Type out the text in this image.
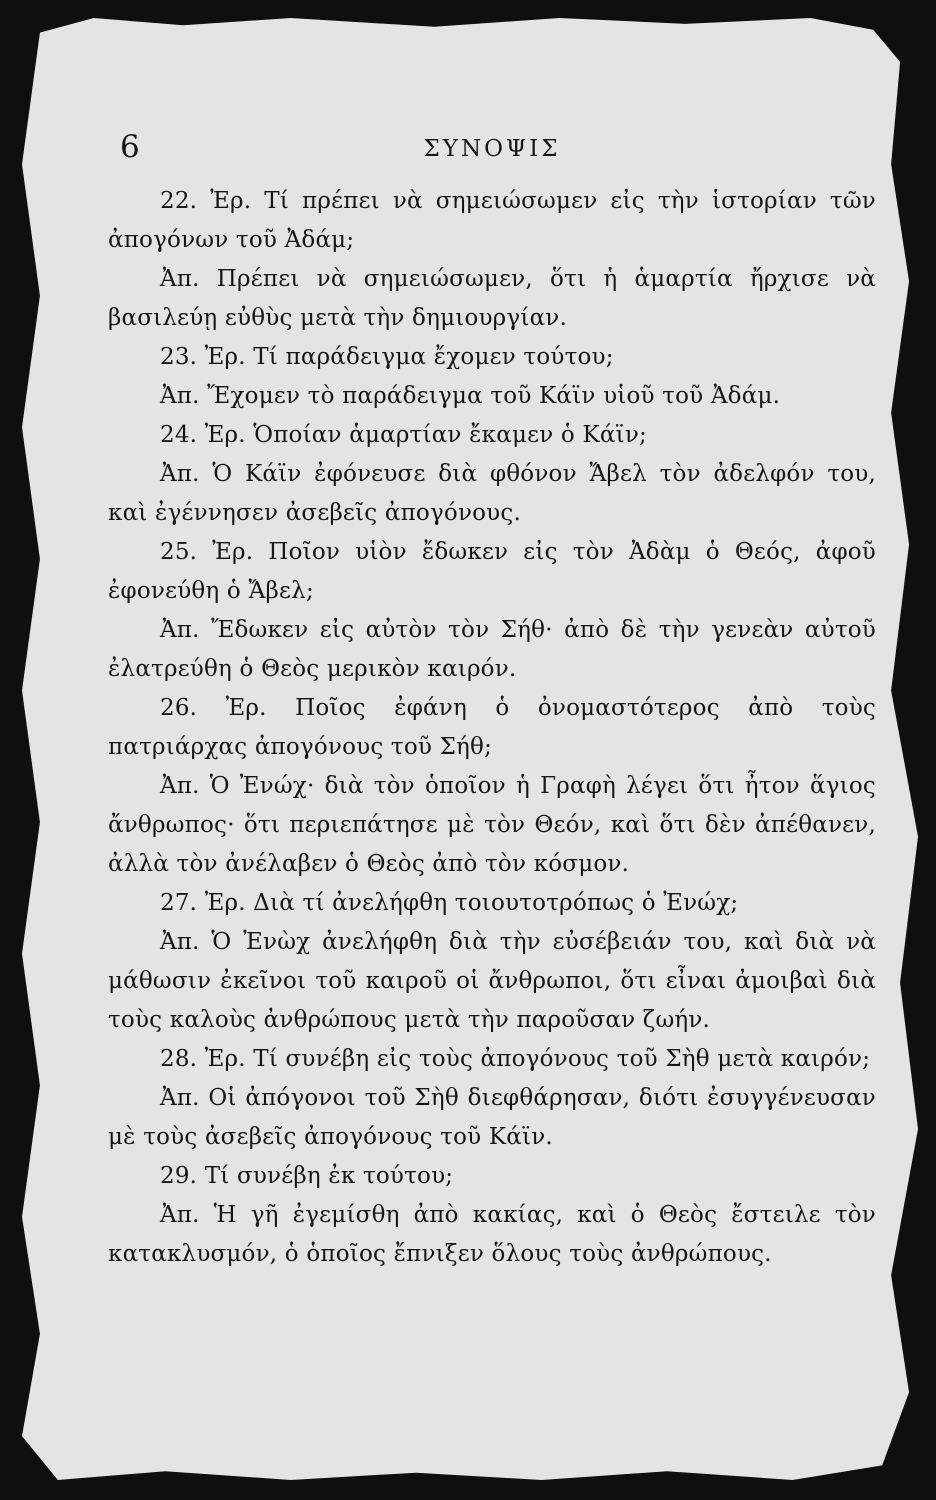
6	ΣΥΝΟΨΙΣ

22. Ἐρ. Τί πρέπει νὰ σημειώσωμεν εἰς τὴν ἱστορίαν τῶν ἀπογόνων τοῦ Ἀδάμ;

Ἀπ. Πρέπει νὰ σημειώσωμεν, ὅτι ἡ ἁμαρτία ἤρχισε νὰ βασιλεύῃ εὐθὺς μετὰ τὴν δημιουργίαν.

23. Ἐρ. Τί παράδειγμα ἔχομεν τούτου;

Ἀπ. Ἔχομεν τὸ παράδειγμα τοῦ Κάϊν υἱοῦ τοῦ Ἀδάμ.

24. Ἐρ. Ὁποίαν ἁμαρτίαν ἔκαμεν ὁ Κάϊν;

Ἀπ. Ὁ Κάϊν ἐφόνευσε διὰ φθόνον Ἄβελ τὸν ἀδελφόν του, καὶ ἐγέννησεν ἀσεβεῖς ἀπογόνους.

25. Ἐρ. Ποῖον υἱὸν ἔδωκεν εἰς τὸν Ἀδὰμ ὁ Θεός, ἀφοῦ ἐφονεύθη ὁ Ἄβελ;

Ἀπ. Ἔδωκεν εἰς αὐτὸν τὸν Σήθ· ἀπὸ δὲ τὴν γενεὰν αὐτοῦ ἐλατρεύθη ὁ Θεὸς μερικὸν καιρόν.

26. Ἐρ. Ποῖος ἐφάνη ὁ ὀνομαστότερος ἀπὸ τοὺς πατριάρχας ἀπογόνους τοῦ Σήθ;

Ἀπ. Ὁ Ἐνώχ· διὰ τὸν ὁποῖον ἡ Γραφὴ λέγει ὅτι ἦτον ἅγιος ἄνθρωπος· ὅτι περιεπάτησε μὲ τὸν Θεόν, καὶ ὅτι δὲν ἀπέθανεν, ἀλλὰ τὸν ἀνέλαβεν ὁ Θεὸς ἀπὸ τὸν κόσμον.

27. Ἐρ. Διὰ τί ἀνελήφθη τοιουτοτρόπως ὁ Ἐνώχ;

Ἀπ. Ὁ Ἐνὼχ ἀνελήφθη διὰ τὴν εὐσέβειάν του, καὶ διὰ νὰ μάθωσιν ἐκεῖνοι τοῦ καιροῦ οἱ ἄνθρωποι, ὅτι εἶναι ἀμοιβαὶ διὰ τοὺς καλοὺς ἀνθρώπους μετὰ τὴν παροῦσαν ζωήν.

28. Ἐρ. Τί συνέβη εἰς τοὺς ἀπογόνους τοῦ Σὴθ μετὰ καιρόν;

Ἀπ. Οἱ ἀπόγονοι τοῦ Σὴθ διεφθάρησαν, διότι ἐσυγγένευσαν μὲ τοὺς ἀσεβεῖς ἀπογόνους τοῦ Κάϊν.

29. Τί συνέβη ἐκ τούτου;

Ἀπ. Ἡ γῆ ἐγεμίσθη ἀπὸ κακίας, καὶ ὁ Θεὸς ἔστειλε τὸν κατακλυσμόν, ὁ ὁποῖος ἔπνιξεν ὅλους τοὺς ἀνθρώπους.
